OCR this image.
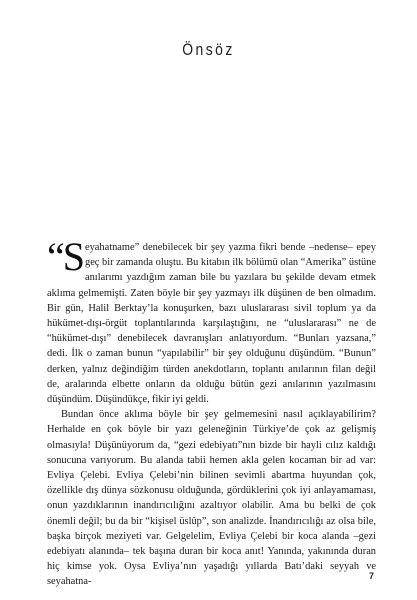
Önsöz

“Seyahatname” denebilecek bir şey yazma fikri bende –nedense– epey geç bir zamanda oluştu. Bu kitabın ilk bölümü olan “Amerika” üstüne anılarımı yazdığım zaman bile bu yazılara bu şekilde devam etmek aklıma gelmemişti. Zaten böyle bir şey yazmayı ilk düşünen de ben olmadım. Bir gün, Halil Berktay’la konuşurken, bazı uluslararası sivil toplum ya da hükümet-dışı-örgüt toplantılarında karşılaştığını, ne “uluslararası” ne de “hükümet-dışı” denebilecek davranışları anlatıyordum. “Bunları yazsana,” dedi. İlk o zaman bunun “yapılabilir” bir şey olduğunu düşündüm. “Bunun” derken, yalnız değindiğim türden anekdotların, toplantı anılarının filan değil de, aralarında elbette onların da olduğu bütün gezi anılarının yazılmasını düşündüm. Düşündükçe, fikir iyi geldi.

Bundan önce aklıma böyle bir şey gelmemesini nasıl açıklayabilirim? Herhalde en çok böyle bir yazı geleneğinin Türkiye’de çok az gelişmiş olmasıyla! Düşünüyorum da, “gezi edebiyatı”nın bizde bir hayli cılız kaldığı sonucuna varıyorum. Bu alanda tabii hemen akla gelen kocaman bir ad var: Evliya Çelebi. Evliya Çelebi’nin bilinen sevimli abartma huyundan çok, özellikle dış dünya sözkonusu olduğunda, gördüklerini çok iyi anlayamaması, onun yazdıklarının inandırıcılığını azaltıyor olabilir. Ama bu belki de çok önemli değil; bu da bir “kişisel üslûp”, son analizde. İnandırıcılığı az olsa bile, başka birçok meziyeti var. Gelgelelim, Evliya Çelebi bir koca alanda –gezi edebiyatı alanında– tek başına duran bir koca anıt! Yanında, yakınında duran hiç kimse yok. Oysa Evliya’nın yaşadığı yıllarda Batı’daki seyyah ve seyahatna-

7
